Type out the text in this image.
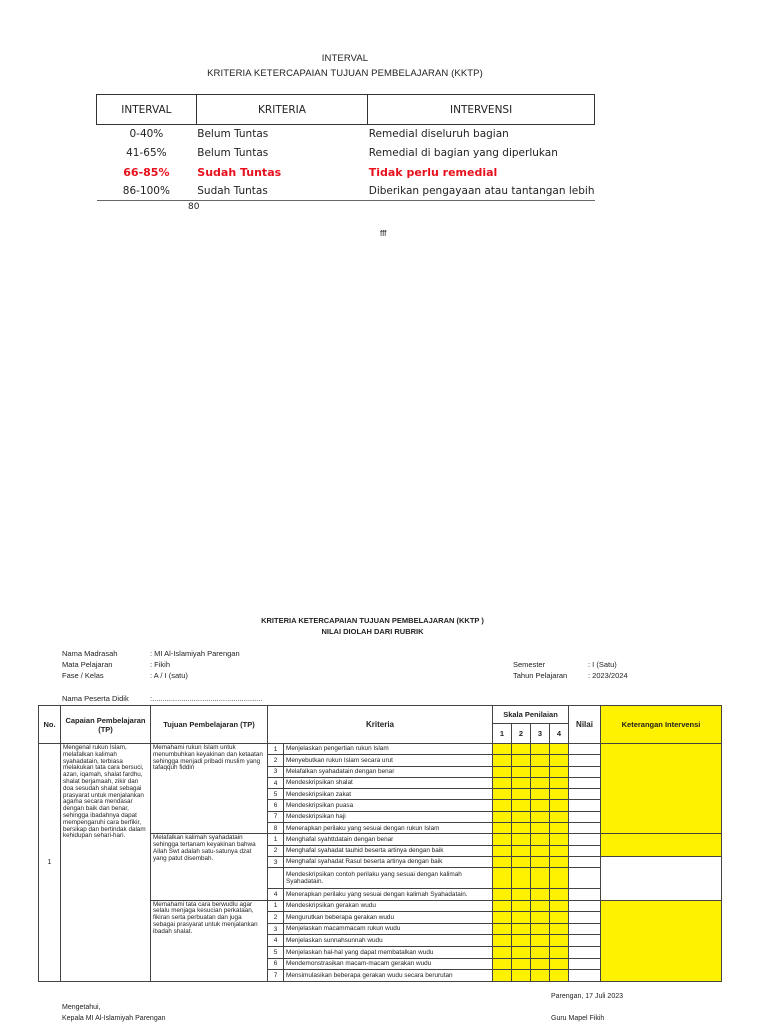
INTERVAL
KRITERIA KETERCAPAIAN TUJUAN PEMBELAJARAN (KKTP)
INTERVAL	KRITERIA	INTERVENSI
0-40%	Belum Tuntas	Remedial diseluruh bagian
41-65%	Belum Tuntas	Remedial di bagian yang diperlukan
66-85%	Sudah Tuntas	Tidak perlu remedial
86-100%	Sudah Tuntas	Diberikan pengayaan atau tantangan lebih
80
fff
KRITERIA KETERCAPAIAN TUJUAN PEMBELAJARAN (KKTP )
NILAI DIOLAH DARI RUBRIK
Nama Madrasah	: MI Al-Islamiyah Parengan
Mata Pelajaran	: Fikih
Fase / Kelas	: A / I (satu)
Semester	: I (Satu)
Tahun Pelajaran	: 2023/2024
Nama Peserta Didik	:.....................................................
No.	Capaian Pembelajaran (TP)	Tujuan Pembelajaran (TP)	Kriteria		Skala Penilaian				Nilai	Keterangan Intervensi
					1	2	3	4		
1	Mengenal rukun Islam, melafalkan kalimah syahadatain, terbiasa melakukan tata cara bersuci, azan, iqamah, shalat fardhu, shalat berjamaah, zikir dan doa sesudah shalat sebagai prasyarat untuk menjalankan agama secara mendasar dengan baik dan benar, sehingga ibadahnya dapat mempengaruhi cara berfikir, bersikap dan bertindak dalam kehidupan sehari-hari.	Memahami rukun Islam untuk menumbuhkan keyakinan dan ketaatan sehingga menjadi pribadi muslim yang tafaqquh fiddin	1	Menjelaskan pengertian rukun Islam						
			2	Menyebutkan rukun Islam secara urut						
			3	Melafalkan syahadatain dengan benar						
			4	Mendeskripsikan shalat						
			5	Mendeskripsikan zakat						
			6	Mendeskripsikan puasa						
			7	Mendeskripsikan haji						
			8	Menerapkan perilaku yang sesuai dengan rukun Islam						
		Melafalkan kalimah syahadatain sehingga tertanam keyakinan bahwa Allah Swt adalah satu-satunya dzat yang patut disembah.	1	Menghafal syahttdatain dengan benar						
			2	Menghafal syahadat tauhid beserta artinya dengan baik						
			3	Menghafal syahadat Rasul beserta artinya dengan baik						
				Mendeskripsikan contoh perilaku yang sesuai dengan kalimah Syahadatain.						
			4	Menerapkan perilaku yang sesuai dengan kalimah Syahadatain.						
		Memahami tata cara berwudlu agar selalu menjaga kesucian perkataan, fikiran serta perbuatan dan juga sebagai prasyarat untuk menjalankan ibadah shalat.	1	Mendeskripsikan gerakan wudu						
			2	Mengurutkan beberapa gerakan wudu						
			3	Menjelaskan macammacam rukun wudu						
			4	Menjelaskan sunnahsunnah wudu						
			5	Menjelaskan hal-hal yang dapat membatalkan wudu						
			6	Mendemonstrasikan macam-macam gerakan wudu						
			7	Mensimulasikan beberapa gerakan wudu secara berurutan						
Parengan, 17 Juli 2023
Mengetahui,
Kepala MI Al-Islamiyah Parengan	Guru Mapel Fikih
